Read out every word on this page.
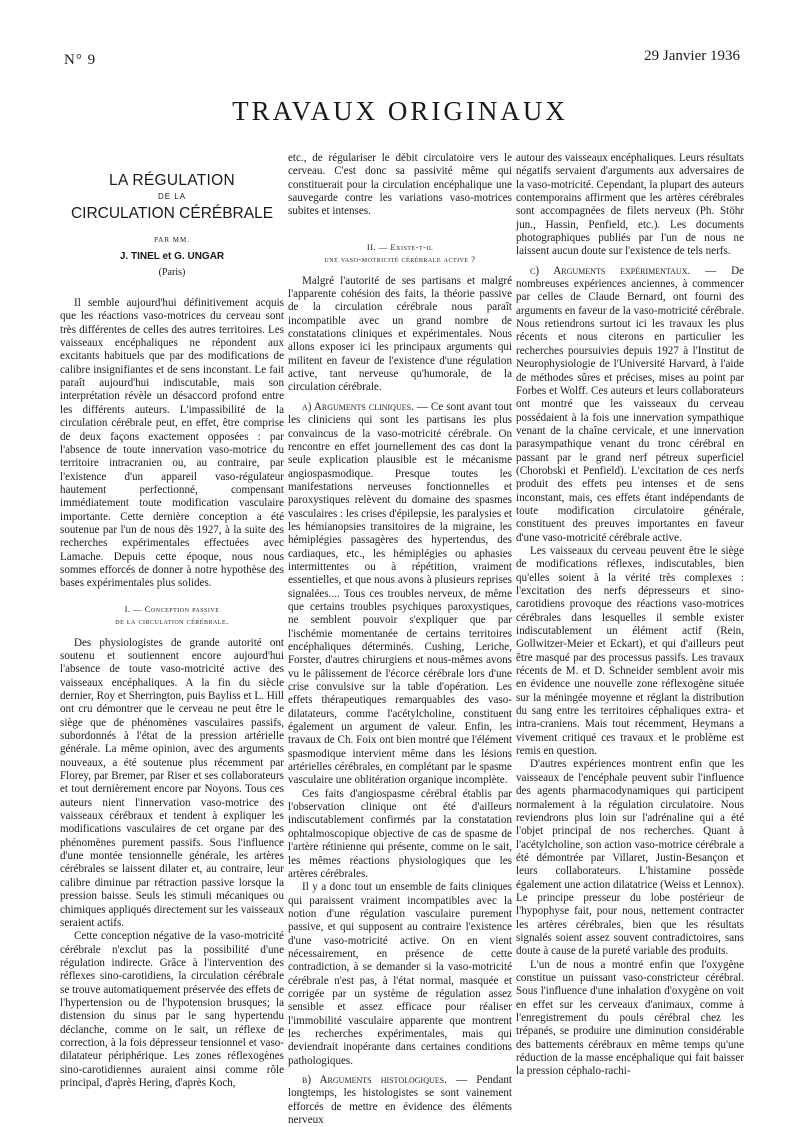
N° 9	29 Janvier 1936
TRAVAUX ORIGINAUX
LA RÉGULATION
DE LA
CIRCULATION CÉRÉBRALE
PAR MM.
J. TINEL et G. UNGAR
(Paris)

Il semble aujourd'hui définitivement acquis que les réactions vaso-motrices du cerveau sont très différentes de celles des autres territoires. Les vaisseaux encéphaliques ne répondent aux excitants habituels que par des modifications de calibre insignifiantes et de sens inconstant. Le fait paraît aujourd'hui indiscutable, mais son interprétation révèle un désaccord profond entre les différents auteurs. L'impassibilité de la circulation cérébrale peut, en effet, être comprise de deux façons exactement opposées : par l'absence de toute innervation vaso-motrice du territoire intracranien ou, au contraire, par l'existence d'un appareil vaso-régulateur hautement perfectionné, compensant immédiatement toute modification vasculaire importante. Cette dernière conception a été soutenue par l'un de nous dès 1927, à la suite des recherches expérimentales effectuées avec Lamache. Depuis cette époque, nous nous sommes efforcés de donner à notre hypothèse des bases expérimentales plus solides.

I. — Conception passive
de la circulation cérébrale.

Des physiologistes de grande autorité ont soutenu et soutiennent encore aujourd'hui l'absence de toute vaso-motricité active des vaisseaux encéphaliques. A la fin du siècle dernier, Roy et Sherrington, puis Bayliss et L. Hill ont cru démontrer que le cerveau ne peut être le siège que de phénomènes vasculaires passifs, subordonnés à l'état de la pression artérielle générale. La même opinion, avec des arguments nouveaux, a été soutenue plus récemment par Florey, par Bremer, par Riser et ses collaborateurs et tout dernièrement encore par Noyons. Tous ces auteurs nient l'innervation vaso-motrice des vaisseaux cérébraux et tendent à expliquer les modifications vasculaires de cet organe par des phénomènes purement passifs. Sous l'influence d'une montée tensionnelle générale, les artères cérébrales se laissent dilater et, au contraire, leur calibre diminue par rétraction passive lorsque la pression baisse. Seuls les stimuli mécaniques ou chimiques appliqués directement sur les vaisseaux seraient actifs.

Cette conception négative de la vaso-motricité cérébrale n'exclut pas la possibilité d'une régulation indirecte. Grâce à l'intervention des réflexes sino-carotidiens, la circulation cérébrale se trouve automatiquement préservée des effets de l'hypertension ou de l'hypotension brusques; la distension du sinus par le sang hypertendu déclanche, comme on le sait, un réflexe de correction, à la fois dépresseur tensionnel et vaso-dilatateur périphérique. Les zones réflexogènes sino-carotidiennes auraient ainsi comme rôle principal, d'après Hering, d'après Koch,

etc., de régulariser le débit circulatoire vers le cerveau. C'est donc sa passivité même qui constituerait pour la circulation encéphalique une sauvegarde contre les variations vaso-motrices subites et intenses.

II. — Existe-t-il
une vaso-motricité cérébrale active ?

Malgré l'autorité de ses partisans et malgré l'apparente cohésion des faits, la théorie passive de la circulation cérébrale nous paraît incompatible avec un grand nombre de constatations cliniques et expérimentales. Nous allons exposer ici les principaux arguments qui militent en faveur de l'existence d'une régulation active, tant nerveuse qu'humorale, de la circulation cérébrale.

a) Arguments cliniques. — Ce sont avant tout les cliniciens qui sont les partisans les plus convaincus de la vaso-motricité cérébrale. On rencontre en effet journellement des cas dont la seule explication plausible est le mécanisme angiospasmodique. Presque toutes les manifestations nerveuses fonctionnelles et paroxystiques relèvent du domaine des spasmes vasculaires : les crises d'épilepsie, les paralysies et les hémianopsies transitoires de la migraine, les hémiplégies passagères des hypertendus, des cardiaques, etc., les hémiplégies ou aphasies intermittentes ou à répétition, vraiment essentielles, et que nous avons à plusieurs reprises signalées.... Tous ces troubles nerveux, de même que certains troubles psychiques paroxystiques, ne semblent pouvoir s'expliquer que par l'ischémie momentanée de certains territoires encéphaliques déterminés. Cushing, Leriche, Forster, d'autres chirurgiens et nous-mêmes avons vu le pâlissement de l'écorce cérébrale lors d'une crise convulsive sur la table d'opération. Les effets thérapeutiques remarquables des vaso-dilatateurs, comme l'acétylcholine, constituent également un argument de valeur. Enfin, les travaux de Ch. Foix ont bien montré que l'élément spasmodique intervient même dans les lésions artérielles cérébrales, en complétant par le spasme vasculaire une oblitération organique incomplète.

Ces faits d'angiospasme cérébral établis par l'observation clinique ont été d'ailleurs indiscutablement confirmés par la constatation ophtalmoscopique objective de cas de spasme de l'artère rétinienne qui présente, comme on le sait, les mêmes réactions physiologiques que les artères cérébrales.

Il y a donc tout un ensemble de faits cliniques qui paraissent vraiment incompatibles avec la notion d'une régulation vasculaire purement passive, et qui supposent au contraire l'existence d'une vaso-motricité active. On en vient nécessairement, en présence de cette contradiction, à se demander si la vaso-motricité cérébrale n'est pas, à l'état normal, masquée et corrigée par un système de régulation assez sensible et assez efficace pour réaliser l'immobilité vasculaire apparente que montrent les recherches expérimentales, mais qui deviendrait inopérante dans certaines conditions pathologiques.

b) Arguments histologiques. — Pendant longtemps, les histologistes se sont vainement efforcés de mettre en évidence des éléments nerveux

autour des vaisseaux encéphaliques. Leurs résultats négatifs servaient d'arguments aux adversaires de la vaso-motricité. Cependant, la plupart des auteurs contemporains affirment que les artères cérébrales sont accompagnées de filets nerveux (Ph. Stöhr jun., Hassin, Penfield, etc.). Les documents photographiques publiés par l'un de nous ne laissent aucun doute sur l'existence de tels nerfs.

c) Arguments expérimentaux. — De nombreuses expériences anciennes, à commencer par celles de Claude Bernard, ont fourni des arguments en faveur de la vaso-motricité cérébrale. Nous retiendrons surtout ici les travaux les plus récents et nous citerons en particulier les recherches poursuivies depuis 1927 à l'Institut de Neurophysiologie de l'Université Harvard, à l'aide de méthodes sûres et précises, mises au point par Forbes et Wolff. Ces auteurs et leurs collaborateurs ont montré que les vaisseaux du cerveau possédaient à la fois une innervation sympathique venant de la chaîne cervicale, et une innervation parasympathique venant du tronc cérébral en passant par le grand nerf pétreux superficiel (Chorobski et Penfield). L'excitation de ces nerfs produit des effets peu intenses et de sens inconstant, mais, ces effets étant indépendants de toute modification circulatoire générale, constituent des preuves importantes en faveur d'une vaso-motricité cérébrale active.

Les vaisseaux du cerveau peuvent être le siège de modifications réflexes, indiscutables, bien qu'elles soient à la vérité très complexes : l'excitation des nerfs dépresseurs et sino-carotidiens provoque des réactions vaso-motrices cérébrales dans lesquelles il semble exister indiscutablement un élément actif (Rein, Gollwitzer-Meier et Eckart), et qui d'ailleurs peut être masqué par des processus passifs. Les travaux récents de M. et D. Schneider semblent avoir mis en évidence une nouvelle zone réflexogène située sur la méningée moyenne et réglant la distribution du sang entre les territoires céphaliques extra- et intra-craniens. Mais tout récemment, Heymans a vivement critiqué ces travaux et le problème est remis en question.

D'autres expériences montrent enfin que les vaisseaux de l'encéphale peuvent subir l'influence des agents pharmacodynamiques qui participent normalement à la régulation circulatoire. Nous reviendrons plus loin sur l'adrénaline qui a été l'objet principal de nos recherches. Quant à l'acétylcholine, son action vaso-motrice cérébrale a été démontrée par Villaret, Justin-Besançon et leurs collaborateurs. L'histamine possède également une action dilatatrice (Weiss et Lennox). Le principe presseur du lobe postérieur de l'hypophyse fait, pour nous, nettement contracter les artères cérébrales, bien que les résultats signalés soient assez souvent contradictoires, sans doute à cause de la pureté variable des produits.

L'un de nous a montré enfin que l'oxygène constitue un puissant vaso-constricteur cérébral. Sous l'influence d'une inhalation d'oxygène on voit en effet sur les cerveaux d'animaux, comme à l'enregistrement du pouls cérébral chez les trépanés, se produire une diminution considérable des battements cérébraux en même temps qu'une réduction de la masse encéphalique qui fait baisser la pression céphalo-rachi-
